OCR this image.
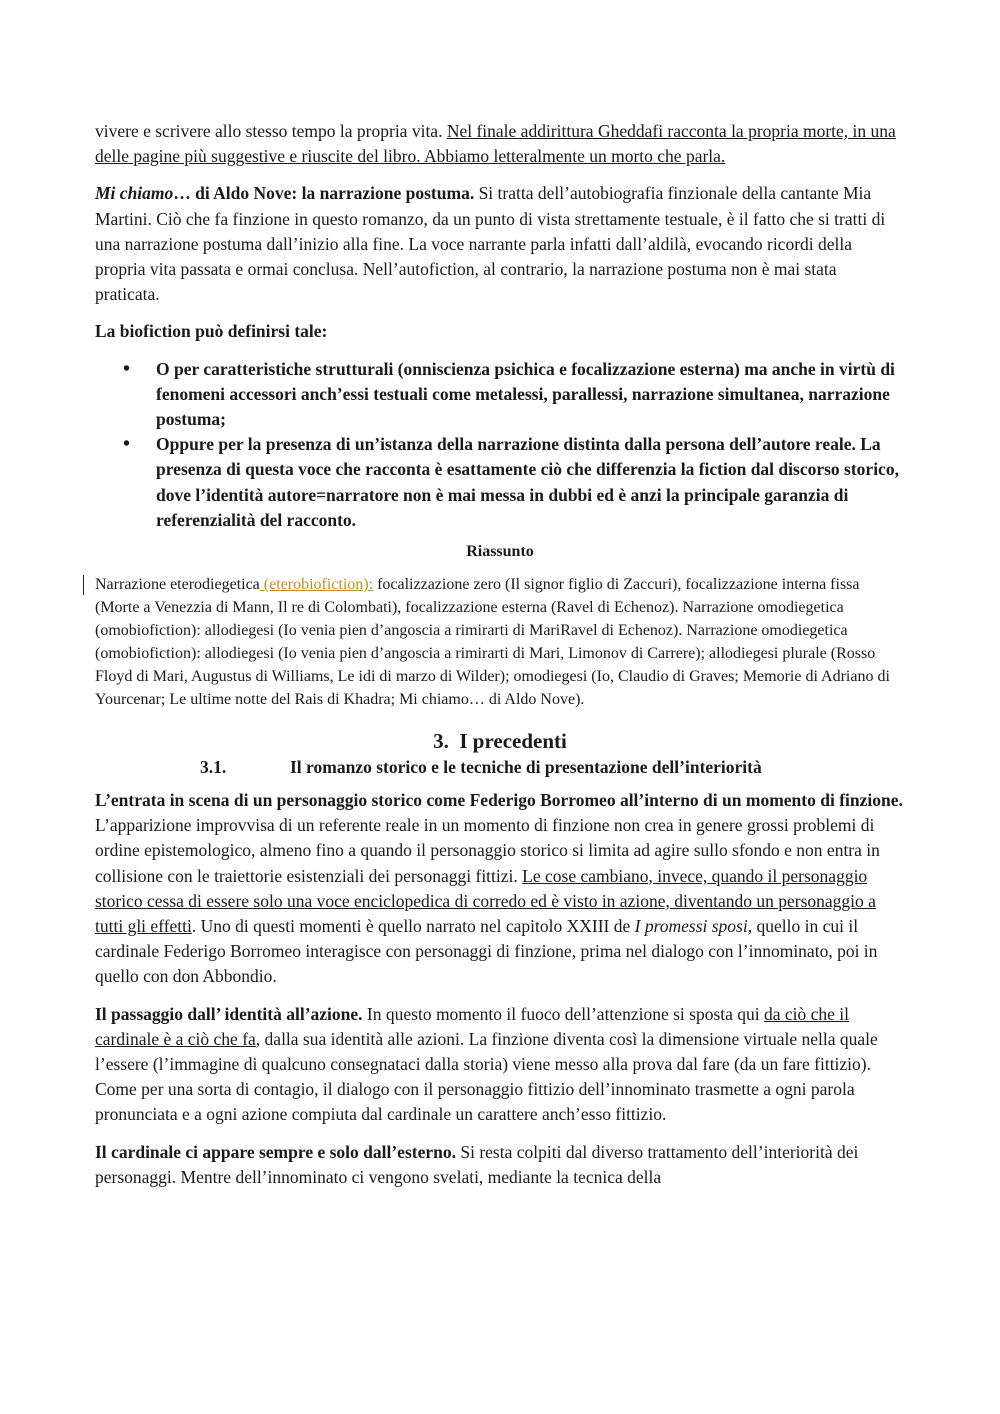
vivere e scrivere allo stesso tempo la propria vita. Nel finale addirittura Gheddafi racconta la propria morte, in una delle pagine più suggestive e riuscite del libro. Abbiamo letteralmente un morto che parla.

Mi chiamo… di Aldo Nove: la narrazione postuma. Si tratta dell’autobiografia finzionale della cantante Mia Martini. Ciò che fa finzione in questo romanzo, da un punto di vista strettamente testuale, è il fatto che si tratti di una narrazione postuma dall’inizio alla fine. La voce narrante parla infatti dall’aldilà, evocando ricordi della propria vita passata e ormai conclusa. Nell’autofiction, al contrario, la narrazione postuma non è mai stata praticata.

La biofiction può definirsi tale:

• O per caratteristiche strutturali (onniscienza psichica e focalizzazione esterna) ma anche in virtù di fenomeni accessori anch’essi testuali come metalessi, parallessi, narrazione simultanea, narrazione postuma;
• Oppure per la presenza di un’istanza della narrazione distinta dalla persona dell’autore reale. La presenza di questa voce che racconta è esattamente ciò che differenzia la fiction dal discorso storico, dove l’identità autore=narratore non è mai messa in dubbi ed è anzi la principale garanzia di referenzialità del racconto.
Riassunto
Narrazione eterodiegetica (eterobiofiction): focalizzazione zero (Il signor figlio di Zaccuri), focalizzazione interna fissa (Morte a Venezzia di Mann, Il re di Colombati), focalizzazione esterna (Ravel di Echenoz). Narrazione omodiegetica (omobiofiction): allodiegesi (Io venia pien d’angoscia a rimirarti di MariRavel di Echenoz). Narrazione omodiegetica (omobiofiction): allodiegesi (Io venia pien d’angoscia a rimirarti di Mari, Limonov di Carrere); allodiegesi plurale (Rosso Floyd di Mari, Augustus di Williams, Le idi di marzo di Wilder); omodiegesi (Io, Claudio di Graves; Memorie di Adriano di Yourcenar; Le ultime notte del Rais di Khadra; Mi chiamo… di Aldo Nove).
3. I precedenti
3.1.	Il romanzo storico e le tecniche di presentazione dell’interiorità

L’entrata in scena di un personaggio storico come Federigo Borromeo all’interno di un momento di finzione. L’apparizione improvvisa di un referente reale in un momento di finzione non crea in genere grossi problemi di ordine epistemologico, almeno fino a quando il personaggio storico si limita ad agire sullo sfondo e non entra in collisione con le traiettorie esistenziali dei personaggi fittizi. Le cose cambiano, invece, quando il personaggio storico cessa di essere solo una voce enciclopedica di corredo ed è visto in azione, diventando un personaggio a tutti gli effetti. Uno di questi momenti è quello narrato nel capitolo XXIII de I promessi sposi, quello in cui il cardinale Federigo Borromeo interagisce con personaggi di finzione, prima nel dialogo con l’innominato, poi in quello con don Abbondio.

Il passaggio dall’ identità all’azione. In questo momento il fuoco dell’attenzione si sposta qui da ciò che il cardinale è a ciò che fa, dalla sua identità alle azioni. La finzione diventa così la dimensione virtuale nella quale l’essere (l’immagine di qualcuno consegnataci dalla storia) viene messo alla prova dal fare (da un fare fittizio). Come per una sorta di contagio, il dialogo con il personaggio fittizio dell’innominato trasmette a ogni parola pronunciata e a ogni azione compiuta dal cardinale un carattere anch’esso fittizio.

Il cardinale ci appare sempre e solo dall’esterno. Si resta colpiti dal diverso trattamento dell’interiorità dei personaggi. Mentre dell’innominato ci vengono svelati, mediante la tecnica della
